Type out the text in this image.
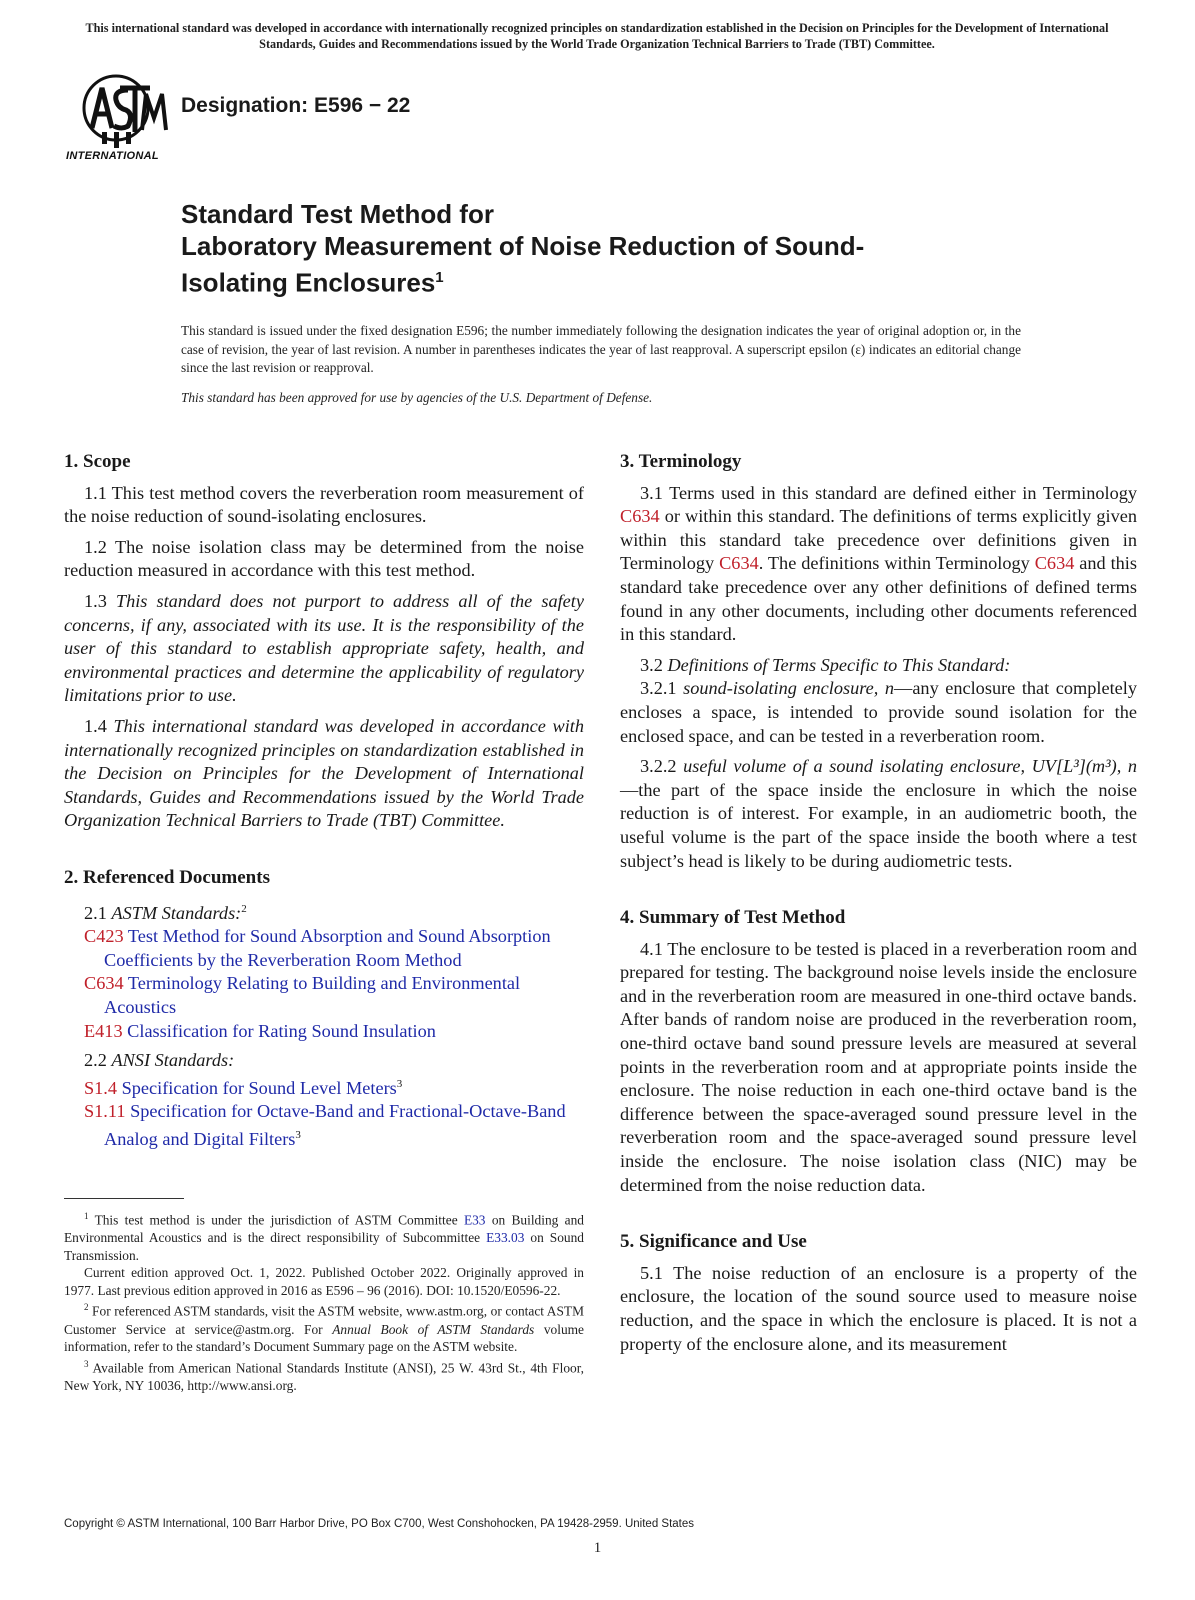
This international standard was developed in accordance with internationally recognized principles on standardization established in the Decision on Principles for the Development of International Standards, Guides and Recommendations issued by the World Trade Organization Technical Barriers to Trade (TBT) Committee.
INTERNATIONAL
Designation: E596 − 22
Standard Test Method for
Laboratory Measurement of Noise Reduction of Sound-
Isolating Enclosures$^1$
This standard is issued under the fixed designation E596; the number immediately following the designation indicates the year of original adoption or, in the case of revision, the year of last revision. A number in parentheses indicates the year of last reapproval. A superscript epsilon (ε) indicates an editorial change since the last revision or reapproval.
This standard has been approved for use by agencies of the U.S. Department of Defense.
1. Scope

1.1 This test method covers the reverberation room measurement of the noise reduction of sound-isolating enclosures.

1.2 The noise isolation class may be determined from the noise reduction measured in accordance with this test method.

1.3 This standard does not purport to address all of the safety concerns, if any, associated with its use. It is the responsibility of the user of this standard to establish appropriate safety, health, and environmental practices and determine the applicability of regulatory limitations prior to use.

1.4 This international standard was developed in accordance with internationally recognized principles on standardization established in the Decision on Principles for the Development of International Standards, Guides and Recommendations issued by the World Trade Organization Technical Barriers to Trade (TBT) Committee.

2. Referenced Documents

2.1 ASTM Standards:$^2$

C423 Test Method for Sound Absorption and Sound Absorption Coefficients by the Reverberation Room Method

C634 Terminology Relating to Building and Environmental Acoustics

E413 Classification for Rating Sound Insulation

2.2 ANSI Standards:

S1.4 Specification for Sound Level Meters$^3$

S1.11 Specification for Octave-Band and Fractional-Octave-Band Analog and Digital Filters$^3$

$^1$ This test method is under the jurisdiction of ASTM Committee E33 on Building and Environmental Acoustics and is the direct responsibility of Subcommittee E33.03 on Sound Transmission.

Current edition approved Oct. 1, 2022. Published October 2022. Originally approved in 1977. Last previous edition approved in 2016 as E596 – 96 (2016). DOI: 10.1520/E0596-22.

$^2$ For referenced ASTM standards, visit the ASTM website, www.astm.org, or contact ASTM Customer Service at service@astm.org. For Annual Book of ASTM Standards volume information, refer to the standard’s Document Summary page on the ASTM website.

$^3$ Available from American National Standards Institute (ANSI), 25 W. 43rd St., 4th Floor, New York, NY 10036, http://www.ansi.org.

3. Terminology

3.1 Terms used in this standard are defined either in Terminology C634 or within this standard. The definitions of terms explicitly given within this standard take precedence over definitions given in Terminology C634. The definitions within Terminology C634 and this standard take precedence over any other definitions of defined terms found in any other documents, including other documents referenced in this standard.

3.2 Definitions of Terms Specific to This Standard:

3.2.1 sound-isolating enclosure, n—any enclosure that completely encloses a space, is intended to provide sound isolation for the enclosed space, and can be tested in a reverberation room.

3.2.2 useful volume of a sound isolating enclosure, UV[L³](m³), n—the part of the space inside the enclosure in which the noise reduction is of interest. For example, in an audiometric booth, the useful volume is the part of the space inside the booth where a test subject’s head is likely to be during audiometric tests.

4. Summary of Test Method

4.1 The enclosure to be tested is placed in a reverberation room and prepared for testing. The background noise levels inside the enclosure and in the reverberation room are measured in one-third octave bands. After bands of random noise are produced in the reverberation room, one-third octave band sound pressure levels are measured at several points in the reverberation room and at appropriate points inside the enclosure. The noise reduction in each one-third octave band is the difference between the space-averaged sound pressure level in the reverberation room and the space-averaged sound pressure level inside the enclosure. The noise isolation class (NIC) may be determined from the noise reduction data.

5. Significance and Use

5.1 The noise reduction of an enclosure is a property of the enclosure, the location of the sound source used to measure noise reduction, and the space in which the enclosure is placed. It is not a property of the enclosure alone, and its measurement

Copyright © ASTM International, 100 Barr Harbor Drive, PO Box C700, West Conshohocken, PA 19428-2959. United States
1
